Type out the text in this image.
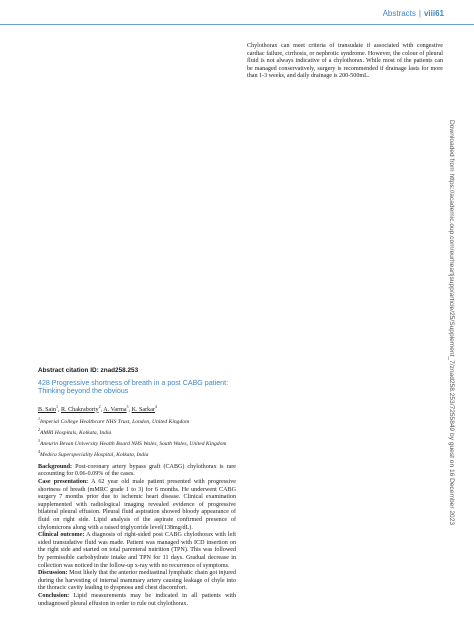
Abstracts | viii61

Chylothorax can meet criteria of transudate if associated with congestive cardiac failure, cirrhosis, or nephrotic syndrome. However, the colour of pleural fluid is not always indicative of a chylothorax. While most of the patients can be managed conservatively, surgery is recommended if drainage lasts for more than 1-3 weeks, and daily drainage is 200-500mL.

Abstract citation ID: znad258.253
428 Progressive shortness of breath in a post CABG patient: Thinking beyond the obvious
B. Sain$^1$, R. Chakraborty$^2$, A. Varma$^3$, K. Sarkar$^4$
$^1$Imperial College Healthcare NHS Trust, London, United Kingdom
$^2$AMRI Hospitals, Kolkata, India
$^3$Aneurin Bevan University Health Board NHS Wales, South Wales, United Kingdom
$^4$Medica Superspeciality Hospital, Kolkata, India

Background: Post-coronary artery bypass graft (CABG) chylothorax is rare accounting for 0.06-0.09% of the cases.

Case presentation: A 62 year old male patient presented with progressive shortness of breath (mMRC grade 1 to 3) for 6 months. He underwent CABG surgery 7 months prior due to ischemic heart disease. Clinical examination supplemented with radiological imaging revealed evidence of progressive bilateral pleural effusion. Pleural fluid aspiration showed bloody appearance of fluid on right side. Lipid analysis of the aspirate confirmed presence of chylomicrons along with a raised triglyceride level(138mg/dL).

Clinical outcome: A diagnosis of right-sided post CABG chylothorax with left sided transudative fluid was made. Patient was managed with ICD insertion on the right side and started on total parenteral nutrition (TPN). This was followed by permissible carbohydrate intake and TPN for 11 days. Gradual decrease in collection was noticed in the follow-up x-ray with no recurrence of symptoms.

Discussion: Most likely that the anterior mediastinal lymphatic chain got injured during the harvesting of internal mammary artery causing leakage of chyle into the thoracic cavity leading to dyspnoea and chest discomfort.

Conclusion: Lipid measurements may be indicated in all patients with undiagnosed pleural effusion in order to rule out chylothorax.

Downloaded from https://academic.oup.com/eurheartjsupp/article/25/Supplement_7/znad258.253/7255849 by guest on 16 December 2023
